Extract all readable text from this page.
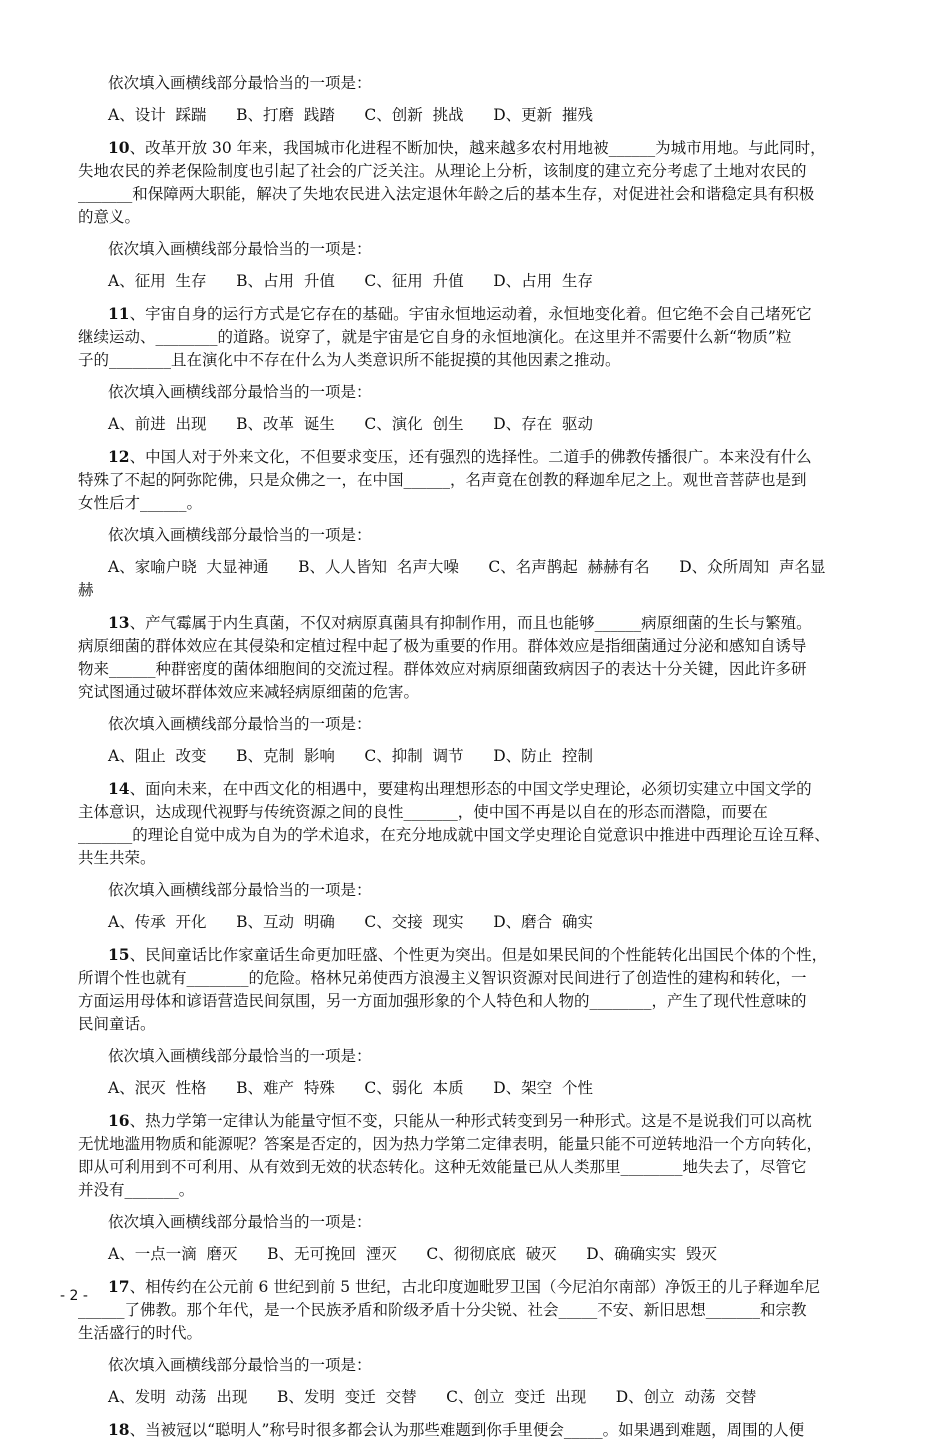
依次填入画横线部分最恰当的一项是：

A、设计  踩踹      B、打磨  践踏      C、创新  挑战      D、更新  摧残

10、改革开放 30 年来，我国城市化进程不断加快，越来越多农村用地被______为城市用地。与此同时，

失地农民的养老保险制度也引起了社会的广泛关注。从理论上分析，该制度的建立充分考虑了土地对农民的

_______和保障两大职能，解决了失地农民进入法定退休年龄之后的基本生存，对促进社会和谐稳定具有积极

的意义。

依次填入画横线部分最恰当的一项是：

A、征用  生存      B、占用  升值      C、征用  升值      D、占用  生存

11、宇宙自身的运行方式是它存在的基础。宇宙永恒地运动着，永恒地变化着。但它绝不会自己堵死它

继续运动、________的道路。说穿了，就是宇宙是它自身的永恒地演化。在这里并不需要什么新“物质”粒

子的________且在演化中不存在什么为人类意识所不能捉摸的其他因素之推动。

依次填入画横线部分最恰当的一项是：

A、前进  出现      B、改革  诞生      C、演化  创生      D、存在  驱动

12、中国人对于外来文化，不但要求变压，还有强烈的选择性。二道手的佛教传播很广。本来没有什么

特殊了不起的阿弥陀佛，只是众佛之一，在中国______，名声竟在创教的释迦牟尼之上。观世音菩萨也是到

女性后才______。

依次填入画横线部分最恰当的一项是：

A、家喻户晓  大显神通      B、人人皆知  名声大噪      C、名声鹊起  赫赫有名      D、众所周知  声名显

赫

13、产气霉属于内生真菌，不仅对病原真菌具有抑制作用，而且也能够______病原细菌的生长与繁殖。

病原细菌的群体效应在其侵染和定植过程中起了极为重要的作用。群体效应是指细菌通过分泌和感知自诱导

物来______种群密度的菌体细胞间的交流过程。群体效应对病原细菌致病因子的表达十分关键，因此许多研

究试图通过破坏群体效应来减轻病原细菌的危害。

依次填入画横线部分最恰当的一项是：

A、阻止  改变      B、克制  影响      C、抑制  调节      D、防止  控制

14、面向未来，在中西文化的相遇中，要建构出理想形态的中国文学史理论，必须切实建立中国文学的

主体意识，达成现代视野与传统资源之间的良性_______，使中国不再是以自在的形态而潜隐，而要在

_______的理论自觉中成为自为的学术追求，在充分地成就中国文学史理论自觉意识中推进中西理论互诠互释、

共生共荣。

依次填入画横线部分最恰当的一项是：

A、传承  开化      B、互动  明确      C、交接  现实      D、磨合  确实

15、民间童话比作家童话生命更加旺盛、个性更为突出。但是如果民间的个性能转化出国民个体的个性，

所谓个性也就有________的危险。格林兄弟使西方浪漫主义智识资源对民间进行了创造性的建构和转化，一

方面运用母体和谚语营造民间氛围，另一方面加强形象的个人特色和人物的________，产生了现代性意味的

民间童话。

依次填入画横线部分最恰当的一项是：

A、泯灭  性格      B、难产  特殊      C、弱化  本质      D、架空  个性

16、热力学第一定律认为能量守恒不变，只能从一种形式转变到另一种形式。这是不是说我们可以高枕

无忧地滥用物质和能源呢？答案是否定的，因为热力学第二定律表明，能量只能不可逆转地沿一个方向转化，

即从可利用到不可利用、从有效到无效的状态转化。这种无效能量已从人类那里________地失去了，尽管它

并没有_______。

依次填入画横线部分最恰当的一项是：

A、一点一滴  磨灭      B、无可挽回  湮灭      C、彻彻底底  破灭      D、确确实实  毁灭

17、相传约在公元前 6 世纪到前 5 世纪，古北印度迦毗罗卫国（今尼泊尔南部）净饭王的儿子释迦牟尼

______了佛教。那个年代，是一个民族矛盾和阶级矛盾十分尖锐、社会_____不安、新旧思想_______和宗教

生活盛行的时代。

依次填入画横线部分最恰当的一项是：

A、发明  动荡  出现      B、发明  变迁  交替      C、创立  变迁  出现      D、创立  动荡  交替

18、当被冠以“聪明人”称号时很多都会认为那些难题到你手里便会_____。如果遇到难题，周围的人便

- 2 -
